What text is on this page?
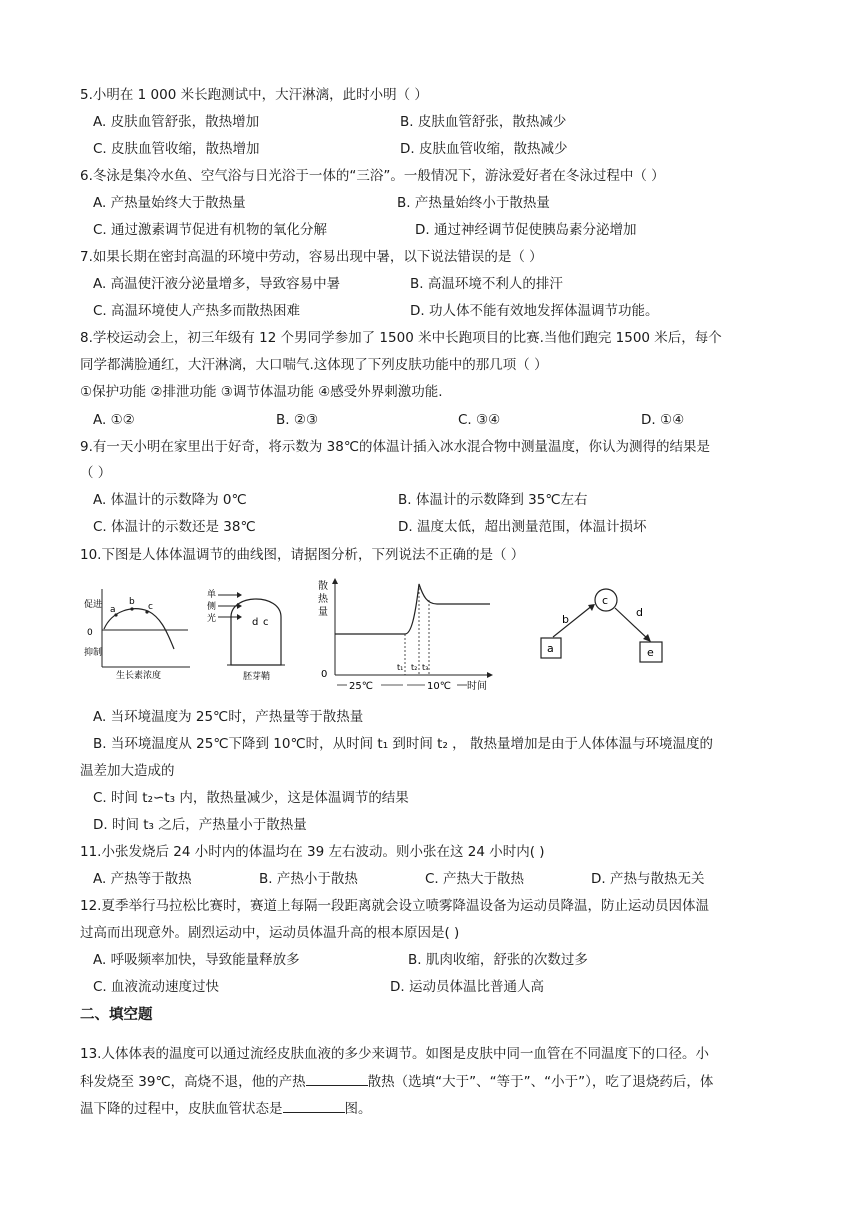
5.小明在 1 000 米长跑测试中，大汗淋漓，此时小明（ ）
A. 皮肤血管舒张，散热增加	B. 皮肤血管舒张，散热减少
C. 皮肤血管收缩，散热增加	D. 皮肤血管收缩，散热减少
6.冬泳是集冷水鱼、空气浴与日光浴于一体的“三浴”。一般情况下，游泳爱好者在冬泳过程中（ ）
A. 产热量始终大于散热量	B. 产热量始终小于散热量
C. 通过激素调节促进有机物的氧化分解	D. 通过神经调节促使胰岛素分泌增加
7.如果长期在密封高温的环境中劳动，容易出现中暑，以下说法错误的是（ ）
A. 高温使汗液分泌量增多，导致容易中暑	B. 高温环境不利人的排汗
C. 高温环境使人产热多而散热困难	D. 功人体不能有效地发挥体温调节功能。
8.学校运动会上，初三年级有 12 个男同学参加了 1500 米中长跑项目的比赛.当他们跑完 1500 米后，每个
同学都满脸通红，大汗淋漓，大口喘气.这体现了下列皮肤功能中的那几项（ ）
①保护功能 ②排泄功能 ③调节体温功能 ④感受外界刺激功能.
A. ①②	B. ②③	C. ③④	D. ①④
9.有一天小明在家里出于好奇，将示数为 38℃的体温计插入冰水混合物中测量温度，你认为测得的结果是
（ ）
A. 体温计的示数降为 0℃	B. 体温计的示数降到 35℃左右
C. 体温计的示数还是 38℃	D. 温度太低，超出测量范围，体温计损坏
10.下图是人体体温调节的曲线图，请据图分析，下列说法不正确的是（ ）
促进
0
抑制
a
b c
生长素浓度
单
侧
光	d c
胚芽鞘
散
热
量
0
t₁ t₂ t₃
25℃	10℃ 时间
a
c
e
b
d
A. 当环境温度为 25℃时，产热量等于散热量
B. 当环境温度从 25℃下降到 10℃时，从时间 t₁ 到时间 t₂ ， 散热量增加是由于人体体温与环境温度的
温差加大造成的
C. 时间 t₂∽t₃ 内，散热量减少，这是体温调节的结果
D. 时间 t₃ 之后，产热量小于散热量
11.小张发烧后 24 小时内的体温均在 39 左右波动。则小张在这 24 小时内( )
A. 产热等于散热	B. 产热小于散热	C. 产热大于散热	D. 产热与散热无关
12.夏季举行马拉松比赛时，赛道上每隔一段距离就会设立喷雾降温设备为运动员降温，防止运动员因体温
过高而出现意外。剧烈运动中，运动员体温升高的根本原因是( )
A. 呼吸频率加快，导致能量释放多	B. 肌肉收缩，舒张的次数过多
C. 血液流动速度过快	D. 运动员体温比普通人高
二、填空题
13.人体体表的温度可以通过流经皮肤血液的多少来调节。如图是皮肤中同一血管在不同温度下的口径。小
科发烧至 39℃，高烧不退，他的产热	散热（选填“大于”、“等于”、“小于”），吃了退烧药后，体
温下降的过程中，皮肤血管状态是	图。
